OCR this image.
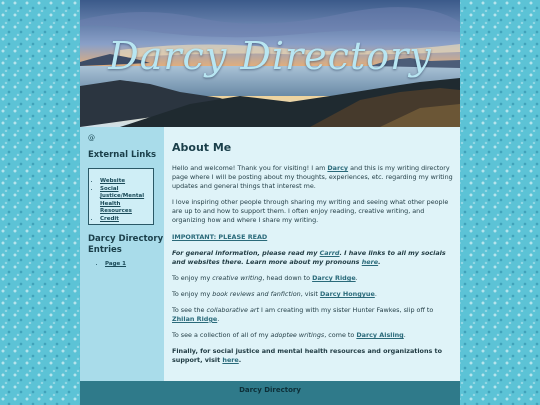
Darcy Directory
@
External Links
• Website
• Social Justice/Mental Health Resources
• Credit
Darcy Directory Entries
• Page 1
About Me
Hello and welcome! Thank you for visiting! I am Darcy and this is my writing directory page where I will be posting about my thoughts, experiences, etc. regarding my writing updates and general things that interest me.
I love inspiring other people through sharing my writing and seeing what other people are up to and how to support them. I often enjoy reading, creative writing, and organizing how and where I share my writing.
IMPORTANT: PLEASE READ
For general information, please read my Carrd. I have links to all my socials and websites there. Learn more about my pronouns here.
To enjoy my creative writing, head down to Darcy Ridge.
To enjoy my book reviews and fanfiction, visit Darcy Hongyue.
To see the collaborative art I am creating with my sister Hunter Fawkes, slip off to Zhilan Ridge.
To see a collection of all of my adoptee writings, come to Darcy Aisling.
Finally, for social justice and mental health resources and organizations to support, visit here.
Darcy Directory
